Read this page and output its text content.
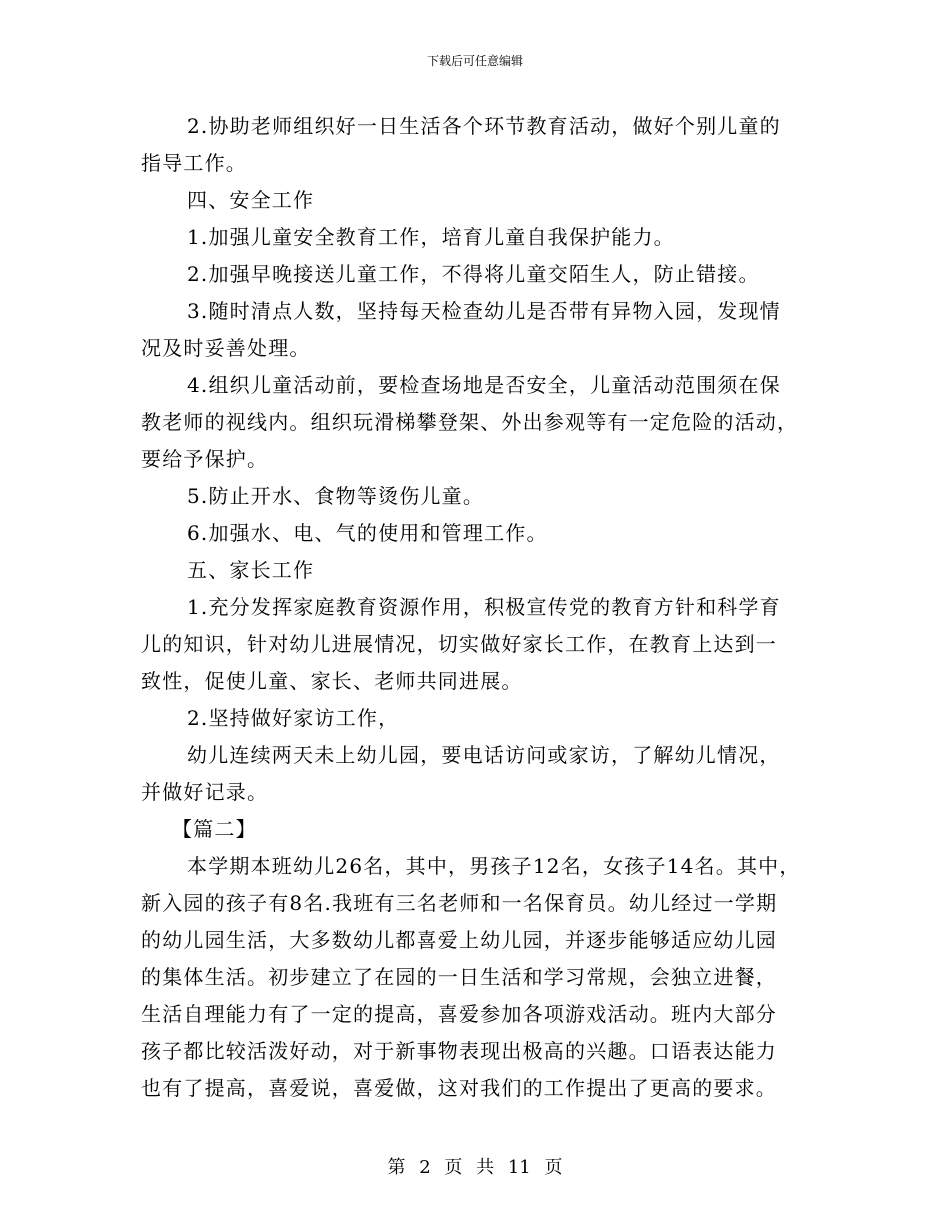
下载后可任意编辑
2.协助老师组织好一日生活各个环节教育活动，做好个别儿童的
指导工作。
四、安全工作
1.加强儿童安全教育工作，培育儿童自我保护能力。
2.加强早晚接送儿童工作，不得将儿童交陌生人，防止错接。
3.随时清点人数，坚持每天检查幼儿是否带有异物入园，发现情
况及时妥善处理。
4.组织儿童活动前，要检查场地是否安全，儿童活动范围须在保
教老师的视线内。组织玩滑梯攀登架、外出参观等有一定危险的活动，
要给予保护。
5.防止开水、食物等烫伤儿童。
6.加强水、电、气的使用和管理工作。
五、家长工作
1.充分发挥家庭教育资源作用，积极宣传党的教育方针和科学育
儿的知识，针对幼儿进展情况，切实做好家长工作，在教育上达到一
致性，促使儿童、家长、老师共同进展。
2.坚持做好家访工作，
幼儿连续两天未上幼儿园，要电话访问或家访，了解幼儿情况，
并做好记录。
【篇二】
本学期本班幼儿26名，其中，男孩子12名，女孩子14名。其中，
新入园的孩子有8名.我班有三名老师和一名保育员。幼儿经过一学期
的幼儿园生活，大多数幼儿都喜爱上幼儿园，并逐步能够适应幼儿园
的集体生活。初步建立了在园的一日生活和学习常规，会独立进餐，
生活自理能力有了一定的提高，喜爱参加各项游戏活动。班内大部分
孩子都比较活泼好动，对于新事物表现出极高的兴趣。口语表达能力
也有了提高，喜爱说，喜爱做，这对我们的工作提出了更高的要求。
第 2 页 共 11 页
